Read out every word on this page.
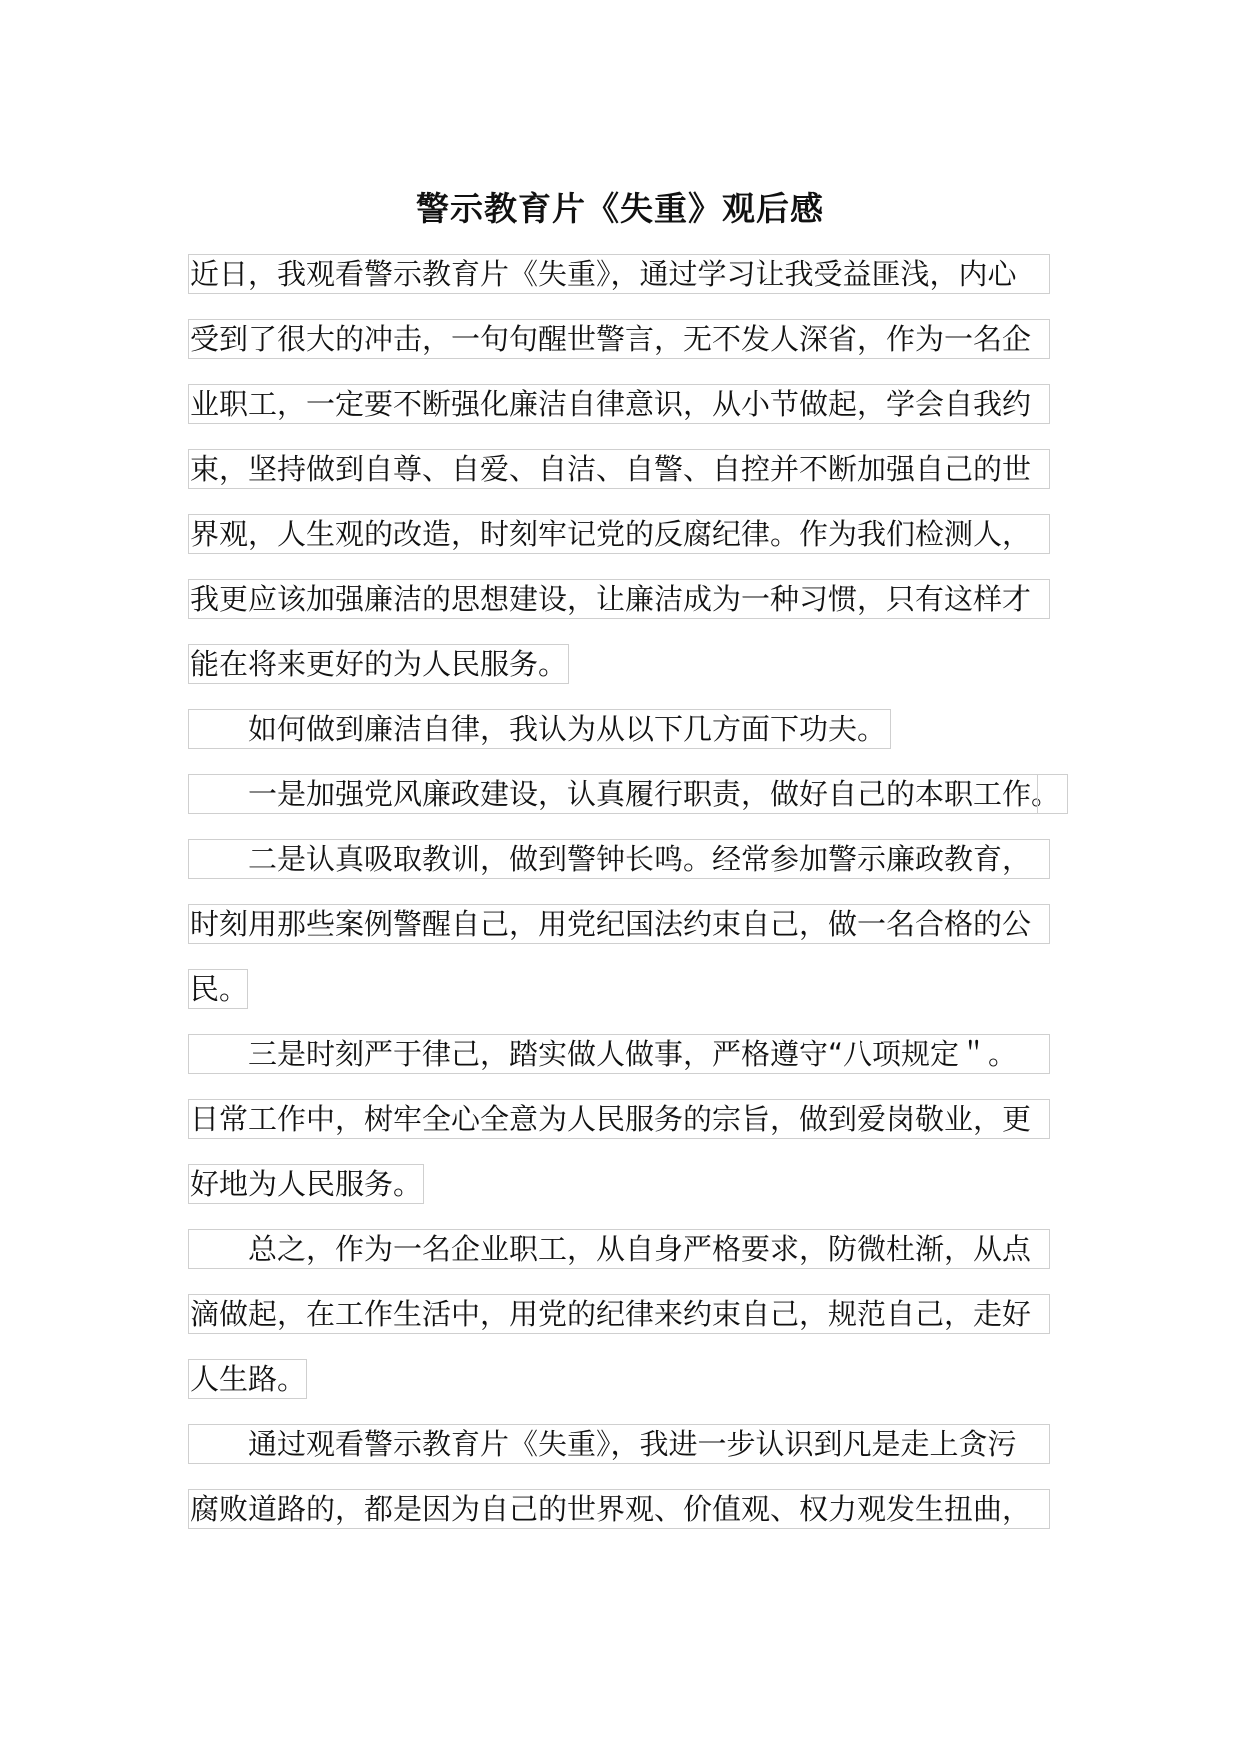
警示教育片《失重》观后感
近日，我观看警示教育片《失重》，通过学习让我受益匪浅，内心
受到了很大的冲击，一句句醒世警言，无不发人深省，作为一名企
业职工，一定要不断强化廉洁自律意识，从小节做起，学会自我约
束，坚持做到自尊、自爱、自洁、自警、自控并不断加强自己的世
界观，人生观的改造，时刻牢记党的反腐纪律。作为我们检测人，
我更应该加强廉洁的思想建设，让廉洁成为一种习惯，只有这样才
能在将来更好的为人民服务。
如何做到廉洁自律，我认为从以下几方面下功夫。
一是加强党风廉政建设，认真履行职责，做好自己的本职工作。
二是认真吸取教训，做到警钟长鸣。经常参加警示廉政教育，
时刻用那些案例警醒自己，用党纪国法约束自己，做一名合格的公
民。
三是时刻严于律己，踏实做人做事，严格遵守“八项规定＂。
日常工作中，树牢全心全意为人民服务的宗旨，做到爱岗敬业，更
好地为人民服务。
总之，作为一名企业职工，从自身严格要求，防微杜渐，从点
滴做起，在工作生活中，用党的纪律来约束自己，规范自己，走好
人生路。
通过观看警示教育片《失重》，我进一步认识到凡是走上贪污
腐败道路的，都是因为自己的世界观、价值观、权力观发生扭曲，
